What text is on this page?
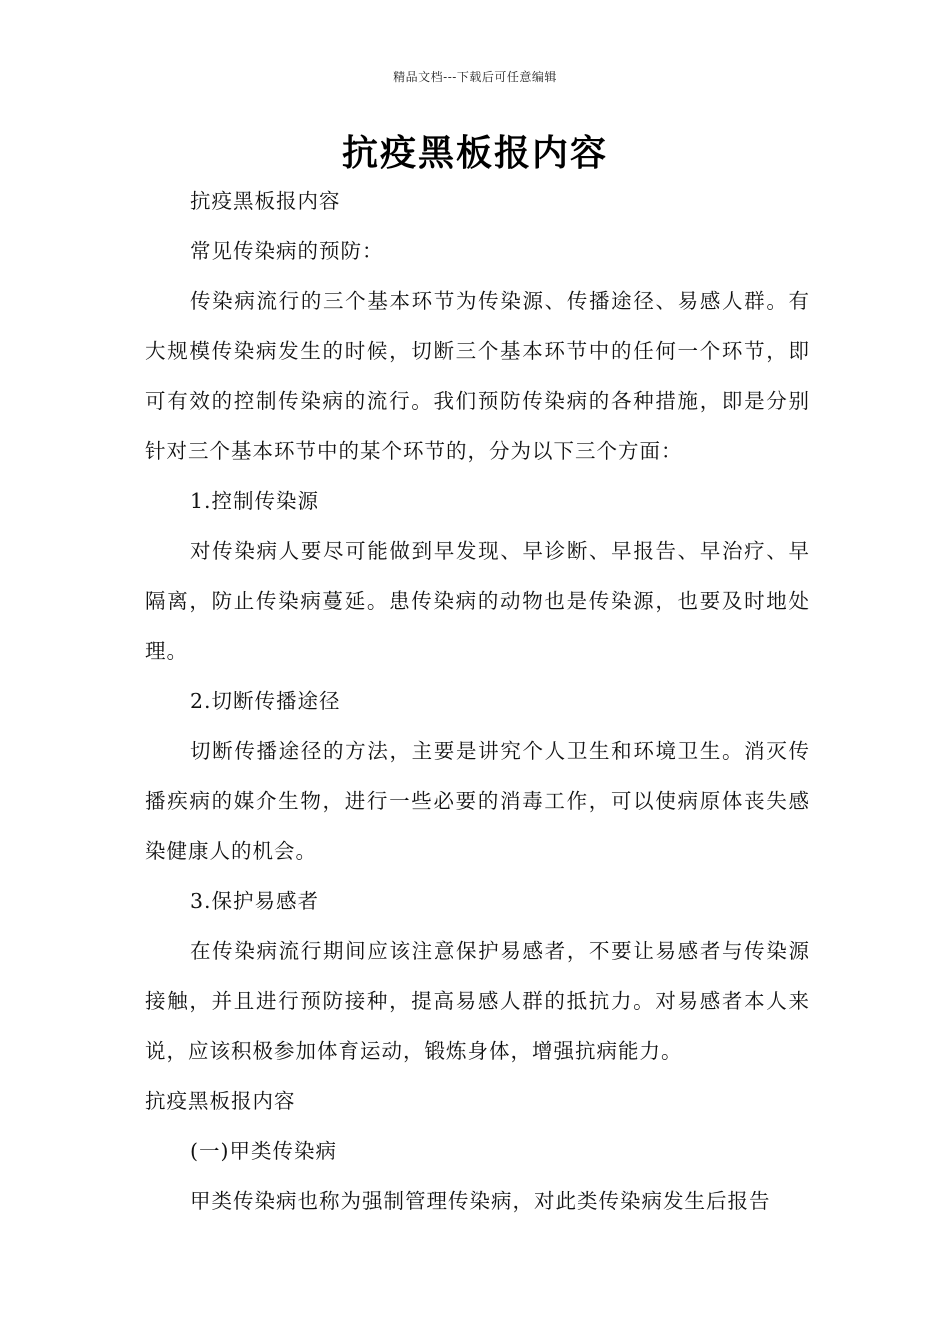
精品文档---下载后可任意编辑
抗疫黑板报内容

抗疫黑板报内容

常见传染病的预防：

传染病流行的三个基本环节为传染源、传播途径、易感人群。有大规模传染病发生的时候，切断三个基本环节中的任何一个环节，即可有效的控制传染病的流行。我们预防传染病的各种措施，即是分别针对三个基本环节中的某个环节的，分为以下三个方面：

1.控制传染源

对传染病人要尽可能做到早发现、早诊断、早报告、早治疗、早隔离，防止传染病蔓延。患传染病的动物也是传染源，也要及时地处理。

2.切断传播途径

切断传播途径的方法，主要是讲究个人卫生和环境卫生。消灭传播疾病的媒介生物，进行一些必要的消毒工作，可以使病原体丧失感染健康人的机会。

3.保护易感者

在传染病流行期间应该注意保护易感者，不要让易感者与传染源接触，并且进行预防接种，提高易感人群的抵抗力。对易感者本人来说，应该积极参加体育运动，锻炼身体，增强抗病能力。

抗疫黑板报内容

(一)甲类传染病

甲类传染病也称为强制管理传染病，对此类传染病发生后报告
